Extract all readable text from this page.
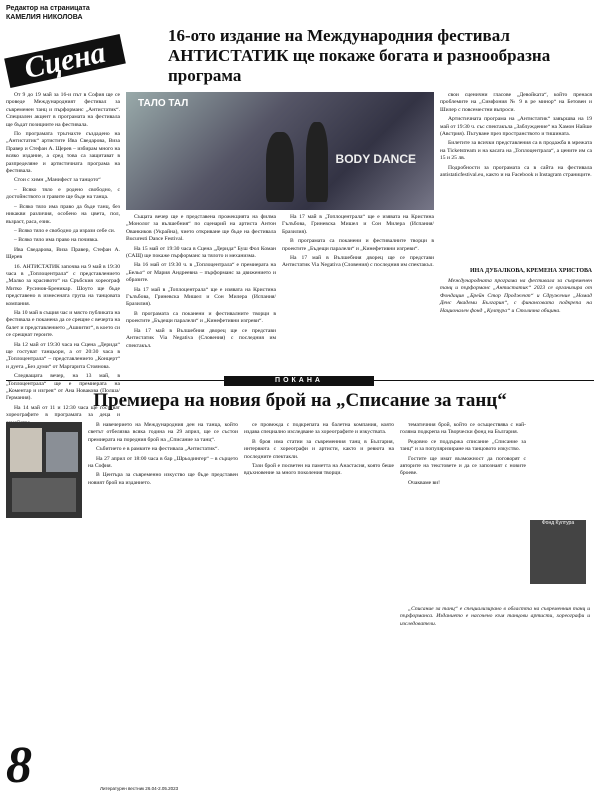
Редактор на страницата
КАМЕЛИЯ НИКОЛОВА
Сцена
16-ото издание на Международния фестивал АНТИСТАТИК ще покаже богата и разнообразна програма

От 9 до 19 май за 16-и път в София ще се проведе Международният фестивал за съвременен танц и пърформанс „Антистатик“. Специален акцент в програмата на фестивала ще бъдат позициите на фестивала.

По програмата тръгнахте създадено на „Антистатик“ артистите Ива Сведарова, Виза Правер и Стефан А. Щерев – избирам много на всяко издание, а сред това са защитават в разпределяне и артистичната програма на фестивала.

Стои с химн „Манифест за танцото“

– Всяко тяло е родено свободно, с достойнството и гравите ще бъде на танца.

– Всяко тяло има право да бъде танц, без никакви различия, особено на цвета, пол, възраст, раса, език.

– Всяко тяло е свободно да изрази себе си.

– Всяко тяло има право на почивка.

Ива Сведарова, Виза Правер, Стефан А. Щерев

16. АНТИСТАТИК започва на 9 май в 19:30 часа в „Топлоцентрала“ с представлението „Малко за красивото“ на Сръбския хореограф Митко Русинов-Бреникар. Шоуто ще бъде представено в изнесената група на танцовата компания.

На 10 май в същия час и място публиката на фестивала е поканена да се срещне с вечерта на балет и представлението „Ашиитиг“, в което си се срещнат героите.

На 12 май от 19:30 часа на Сцена „Дерида“ ще гостуват танцьори, а от 20:30 часа в „Топлоцентрала“ – представлението „Концерт“ и дуета „Без думи“ от Маргарита Стоянова.

Следващата вечер, на 13 май, в „Топлоцентрала“ ще е премиерата на „Коментар и изгрев“ от Ана Новакова (Полша/Германия).

На 14 май от 11 и 12:30 часа ще гостуват хореографите в програмата за деца и

ТАЛО ТАЛ
BODY DANCE

Същата вечер ще е представена прожекцията на филма „Монолог за вълшебния“ по сценарий на артиста Антон Ованкиков (Украйна), чието откриване ще бъде на фестивала Bucuresti Dance Festival.

На 15 май от 19:30 часа в Сцена „Дерида“ Буш Фол Коман (САЩ) ще покаже пърформанс за тялото и механизма.

На 16 май от 19:30 ч. в „Топлоцентрала“ е премиерата на „Бельо“ от Мария Андреевна – пърформанс за движението и образите.

На 17 май в „Топлоцентрала“ ще е изявата на Кристина Гълъбова, Гриневска Мишел и Сон Милера (Испания/Бразилия).

В програмата са поканени и фестивалните творци в проектите „Бъдещи паралели“ и „Кинефетивни изгреви“.

На 17 май в Вълшебния дворец ще се представи Антистатик Via Negativa (Словения) с последния им спектакъл.

На 17 май в „Топлоцентрала“ ще е изявата на Кристина Гълъбова, Гриневска Мишел и Сон Милера (Испания/Бразилия).

В програмата са поканени и фестивалните творци в проектите „Бъдещи паралели“ и „Кинефетивни изгреви“.

На 17 май в Вълшебния дворец ще се представи Антистатик Via Negativa (Словения) с последния им спектакъл.

свои сценични гласове „Девойката“, който пренася проблемите на „Симфония № 9 в ре минор“ на Бетовен и Шилер с повсеместни въпроси.

Артистичната програма на „Антистатик“ завършва на 19 май от 19:30 ч. със спектакъла „Заблуждение“ на Хамон Найше (Австрия). Пътуване през пространството и тишината.

Билетите за всички представления са в продажба в мрежата на Ticketstream и на касата на „Топлоцентрала“, а цените им са 15 и 25 лв.

Подробности за програмата са в сайта на фестивала antistaticfestival.eu, както и на Facebook и Instagram страниците.

ИНА ДУБАЛКОВА, КРЕМЕНА ХРИСТОВА

Международната програма на фестивала за съвременен танц и пърформанс „Антистатик“ 2023 се организира от Фондация „Брейн Стор Проджект“ и Сдружение „Номад Денс Академи България“, с финансовата подкрепа на Национален фонд „Култура“ и Столична община.

ПОКАНА
Премиера на новия брой на „Списание за танц“

В навечерието на Международния ден на танца, който светът отбелязва всяка година на 29 април, ще се състои премиерата на поредния брой на „Списание за танц“.

Събитието е в рамките на фестивала „Антистатик“.

На 27 април от 18:00 часа в бар „Шрьодингер“ – в сърцето на София.

В Центъра за съвременно изкуство ще бъде представен новият брой на изданието.

се провежда с подкрепата на балетна компания, която издава специално изследване за хореографите и изкуствата.

В броя има статии за съвременния танц в България, интервюта с хореографи и артисти, както и ревюта на последните спектакли.

Тази брой е посветен на паметта на Анастасия, която беше вдъхновение за много поколения творци.

тематичния брой, който се осъществява с най-голяма подкрепа на Творчески фонд на България.

Редовно се поддържа списание „Списание за танц“ и за популяризиране на танцовото изкуство.

Гостите ще имат възможност да поговорят с авторите на текстовете и да се запознаят с новите броеве.

Очакваме ви!

Фонд Култура

„Списание за танц“ е специализирано в областта на съвременния танц и пърформанса. Изданието е насочено към танцови артисти, хореографи и изследователи.

8	Литературен вестник 26.04-2.05.2023
